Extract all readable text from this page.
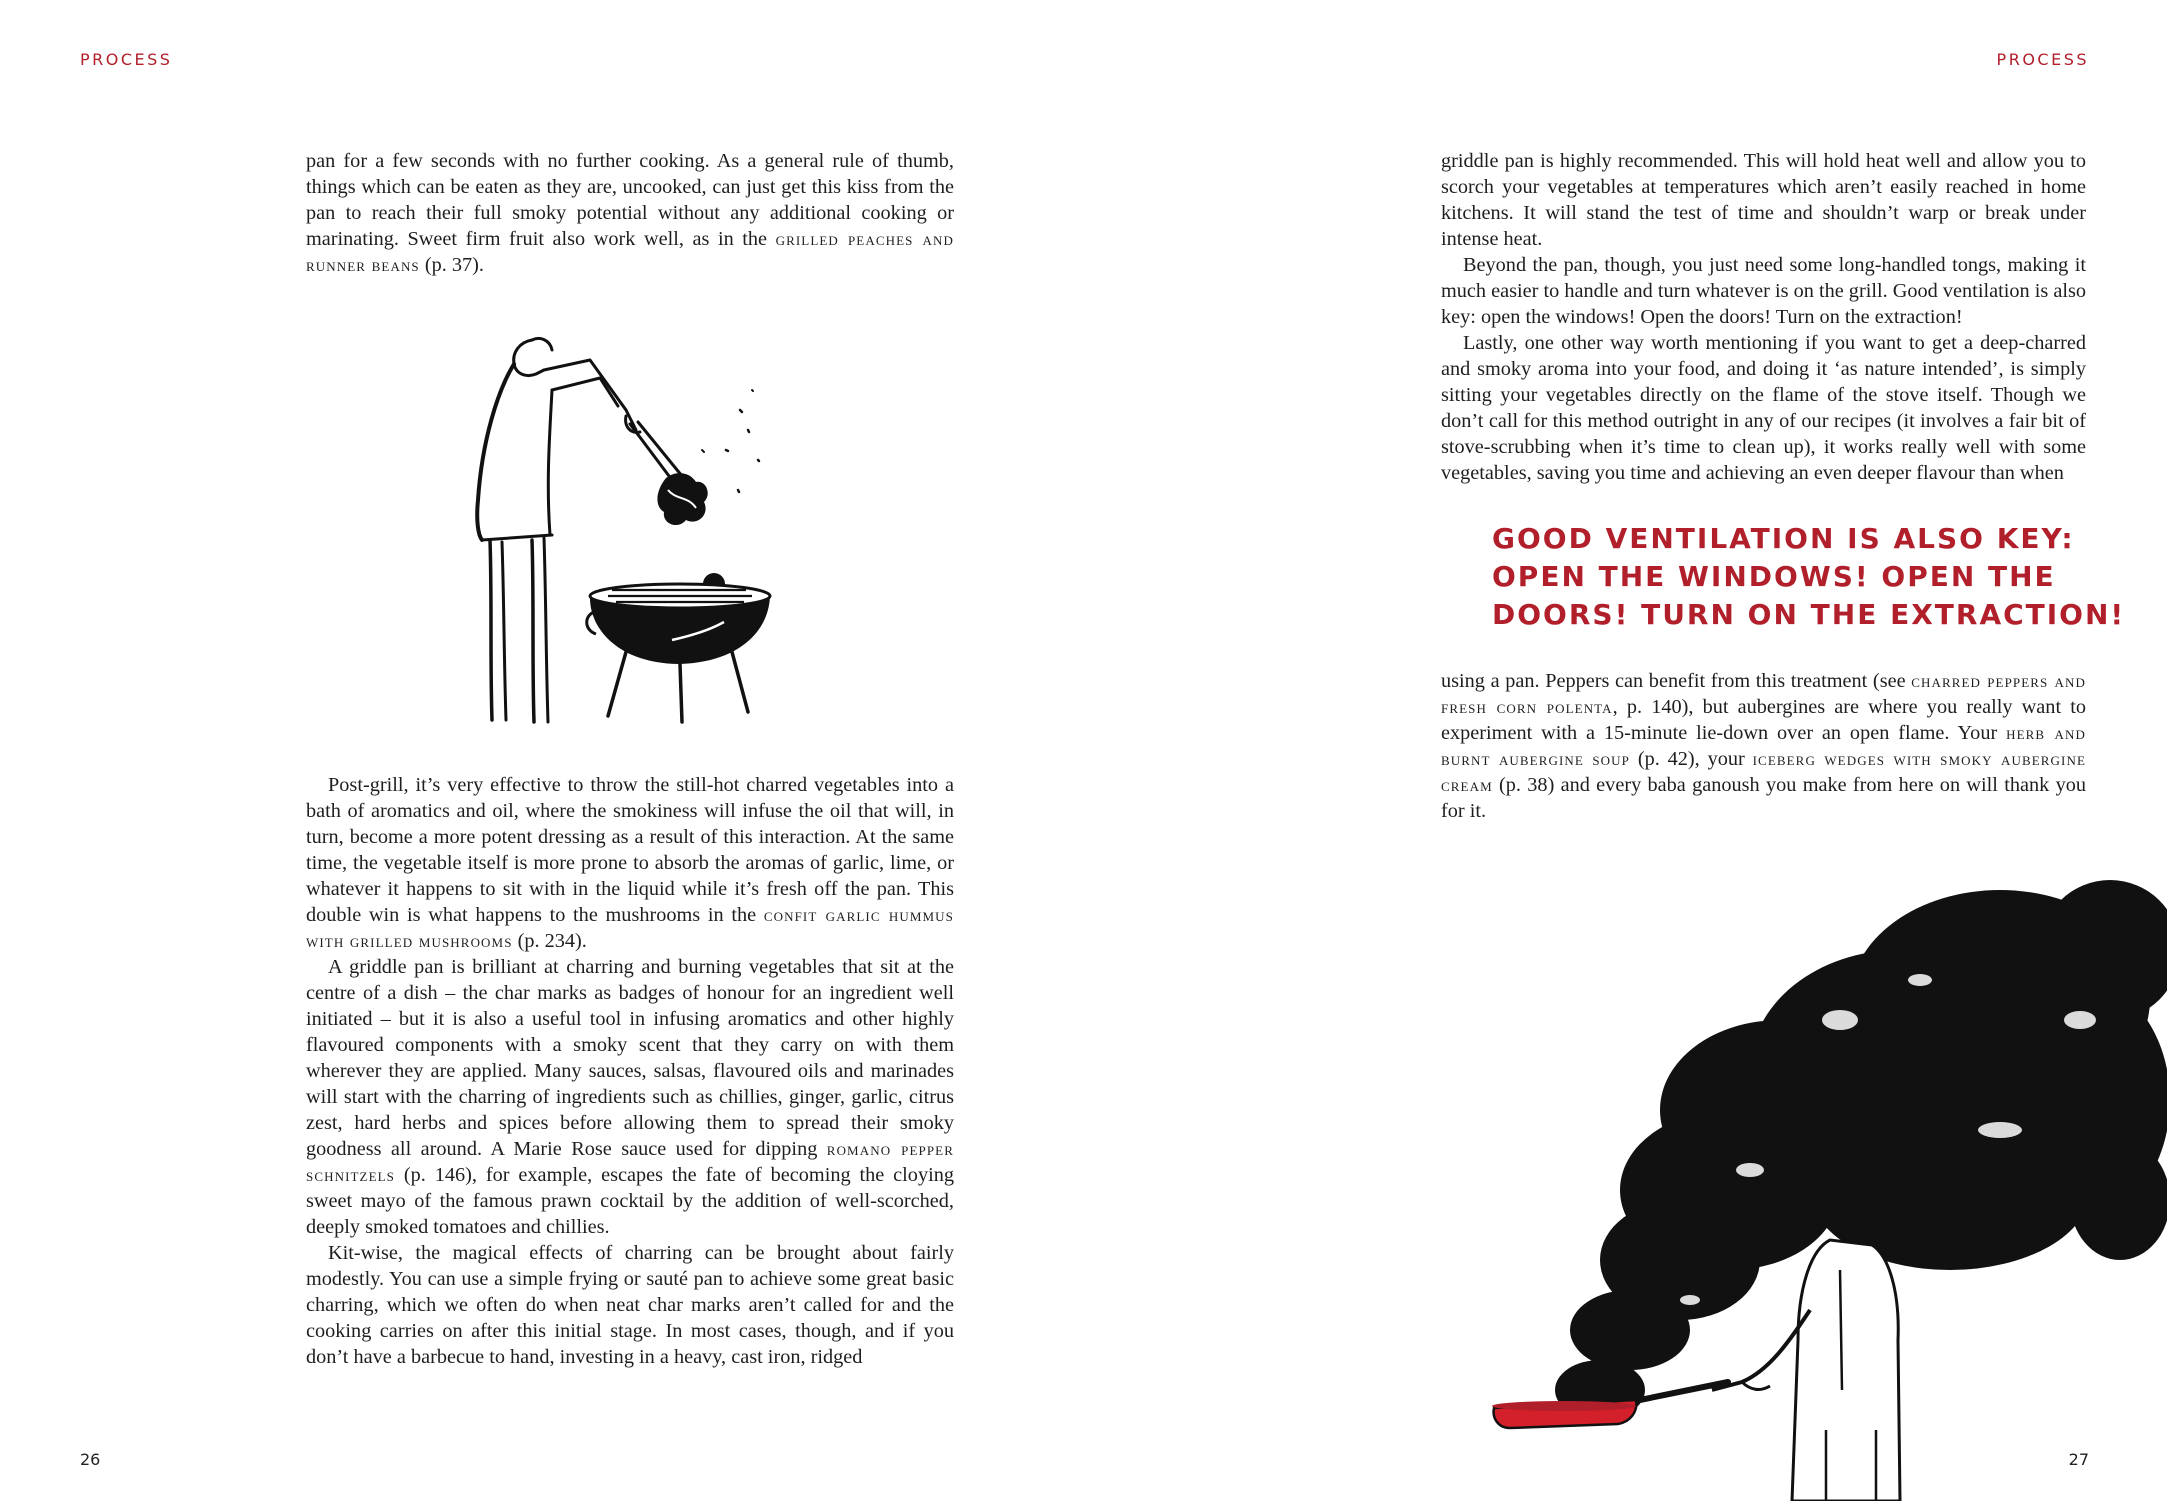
PROCESS	PROCESS

pan for a few seconds with no further cooking. As a general rule of thumb, things which can be eaten as they are, uncooked, can just get this kiss from the pan to reach their full smoky potential without any additional cooking or marinating. Sweet firm fruit also work well, as in the grilled peaches and runner beans (p. 37).

Post-grill, it’s very effective to throw the still-hot charred vegetables into a bath of aromatics and oil, where the smokiness will infuse the oil that will, in turn, become a more potent dressing as a result of this interaction. At the same time, the vegetable itself is more prone to absorb the aromas of garlic, lime, or whatever it happens to sit with in the liquid while it’s fresh off the pan. This double win is what happens to the mushrooms in the confit garlic hummus with grilled mushrooms (p. 234).

A griddle pan is brilliant at charring and burning vegetables that sit at the centre of a dish – the char marks as badges of honour for an ingredient well initiated – but it is also a useful tool in infusing aromatics and other highly flavoured components with a smoky scent that they carry on with them wherever they are applied. Many sauces, salsas, flavoured oils and marinades will start with the charring of ingredients such as chillies, ginger, garlic, citrus zest, hard herbs and spices before allowing them to spread their smoky goodness all around. A Marie Rose sauce used for dipping romano pepper schnitzels (p. 146), for example, escapes the fate of becoming the cloying sweet mayo of the famous prawn cocktail by the addition of well-scorched, deeply smoked tomatoes and chillies.

Kit-wise, the magical effects of charring can be brought about fairly modestly. You can use a simple frying or sauté pan to achieve some great basic charring, which we often do when neat char marks aren’t called for and the cooking carries on after this initial stage. In most cases, though, and if you don’t have a barbecue to hand, investing in a heavy, cast iron, ridged

griddle pan is highly recommended. This will hold heat well and allow you to scorch your vegetables at temperatures which aren’t easily reached in home kitchens. It will stand the test of time and shouldn’t warp or break under intense heat.

Beyond the pan, though, you just need some long-handled tongs, making it much easier to handle and turn whatever is on the grill. Good ventilation is also key: open the windows! Open the doors! Turn on the extraction!

Lastly, one other way worth mentioning if you want to get a deep-charred and smoky aroma into your food, and doing it ‘as nature intended’, is simply sitting your vegetables directly on the flame of the stove itself. Though we don’t call for this method outright in any of our recipes (it involves a fair bit of stove-scrubbing when it’s time to clean up), it works really well with some vegetables, saving you time and achieving an even deeper flavour than when

GOOD VENTILATION IS ALSO KEY:
OPEN THE WINDOWS! OPEN THE
DOORS! TURN ON THE EXTRACTION!

using a pan. Peppers can benefit from this treatment (see charred peppers and fresh corn polenta, p. 140), but aubergines are where you really want to experiment with a 15-minute lie-down over an open flame. Your herb and burnt aubergine soup (p. 42), your iceberg wedges with smoky aubergine cream (p. 38) and every baba ganoush you make from here on will thank you for it.

26	27
